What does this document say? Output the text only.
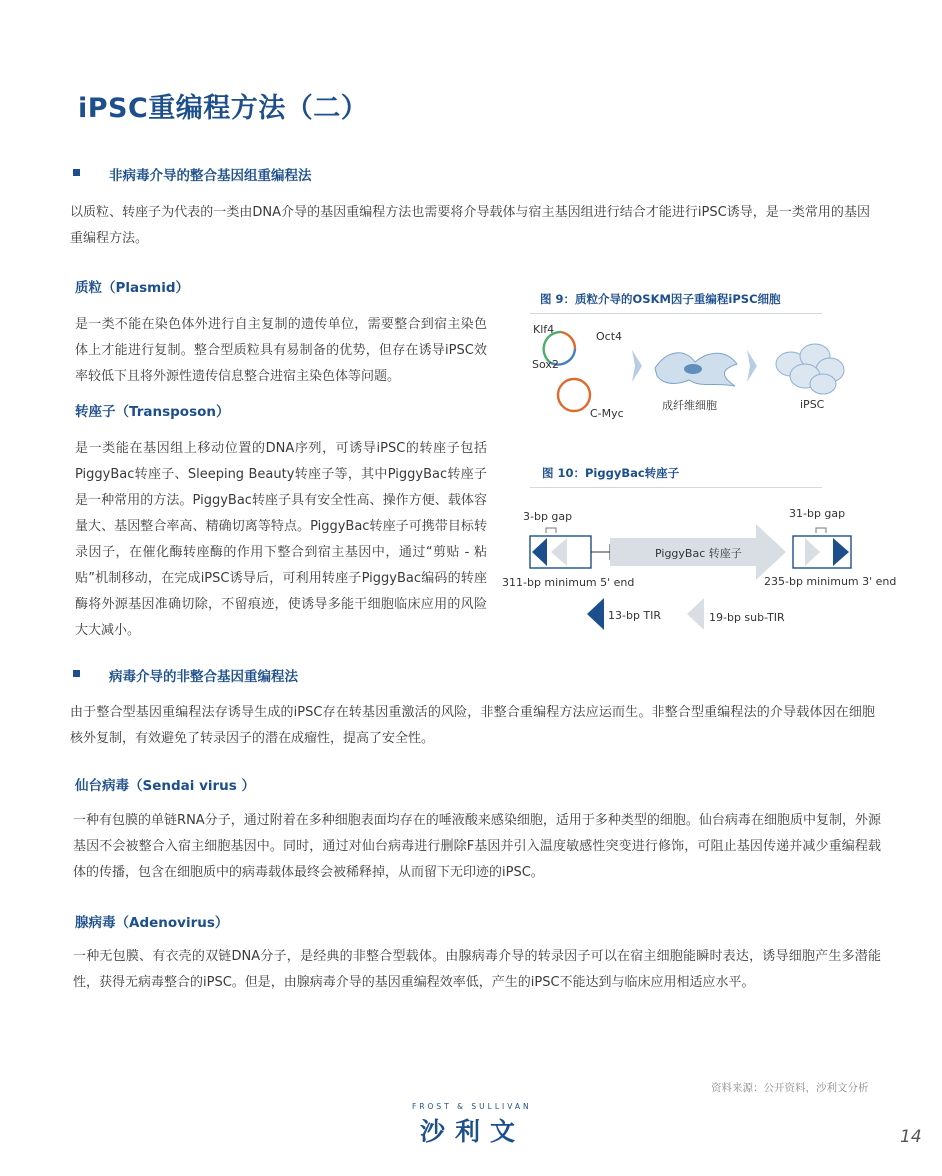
iPSC重编程方法（二）
非病毒介导的整合基因组重编程法
以质粒、转座子为代表的一类由DNA介导的基因重编程方法也需要将介导载体与宿主基因组进行结合才能进行iPSC诱导，是一类常用的基因重编程方法。
质粒（Plasmid）
是一类不能在染色体外进行自主复制的遗传单位，需要整合到宿主染色体上才能进行复制。整合型质粒具有易制备的优势，但存在诱导iPSC效率较低下且将外源性遗传信息整合进宿主染色体等问题。
转座子（Transposon）
是一类能在基因组上移动位置的DNA序列，可诱导iPSC的转座子包括PiggyBac转座子、Sleeping Beauty转座子等，其中PiggyBac转座子是一种常用的方法。PiggyBac转座子具有安全性高、操作方便、载体容量大、基因整合率高、精确切离等特点。PiggyBac转座子可携带目标转录因子，在催化酶转座酶的作用下整合到宿主基因中，通过“剪贴 - 粘贴”机制移动，在完成iPSC诱导后，可利用转座子PiggyBac编码的转座酶将外源基因准确切除，不留痕迹，使诱导多能干细胞临床应用的风险大大减小。
图 9：质粒介导的OSKM因子重编程iPSC细胞
Klf4
Oct4
Sox2
C-Myc
成纤维细胞	iPSC
图 10：PiggyBac转座子
3-bp gap	31-bp gap
PiggyBac 转座子
311-bp minimum 5' end	235-bp minimum 3' end
13-bp TIR	19-bp sub-TIR
病毒介导的非整合基因重编程法
由于整合型基因重编程法存诱导生成的iPSC存在转基因重激活的风险，非整合重编程方法应运而生。非整合型重编程法的介导载体因在细胞核外复制，有效避免了转录因子的潜在成瘤性，提高了安全性。
仙台病毒（Sendai virus ）
一种有包膜的单链RNA分子，通过附着在多种细胞表面均存在的唾液酸来感染细胞，适用于多种类型的细胞。仙台病毒在细胞质中复制，外源基因不会被整合入宿主细胞基因中。同时，通过对仙台病毒进行删除F基因并引入温度敏感性突变进行修饰，可阻止基因传递并减少重编程载体的传播，包含在细胞质中的病毒载体最终会被稀释掉，从而留下无印迹的iPSC。
腺病毒（Adenovirus）
一种无包膜、有衣壳的双链DNA分子，是经典的非整合型载体。由腺病毒介导的转录因子可以在宿主细胞能瞬时表达，诱导细胞产生多潜能性，获得无病毒整合的iPSC。但是，由腺病毒介导的基因重编程效率低，产生的iPSC不能达到与临床应用相适应水平。
资料来源：公开资料，沙利文分析
FROST & SULLIVAN
沙利文	14
